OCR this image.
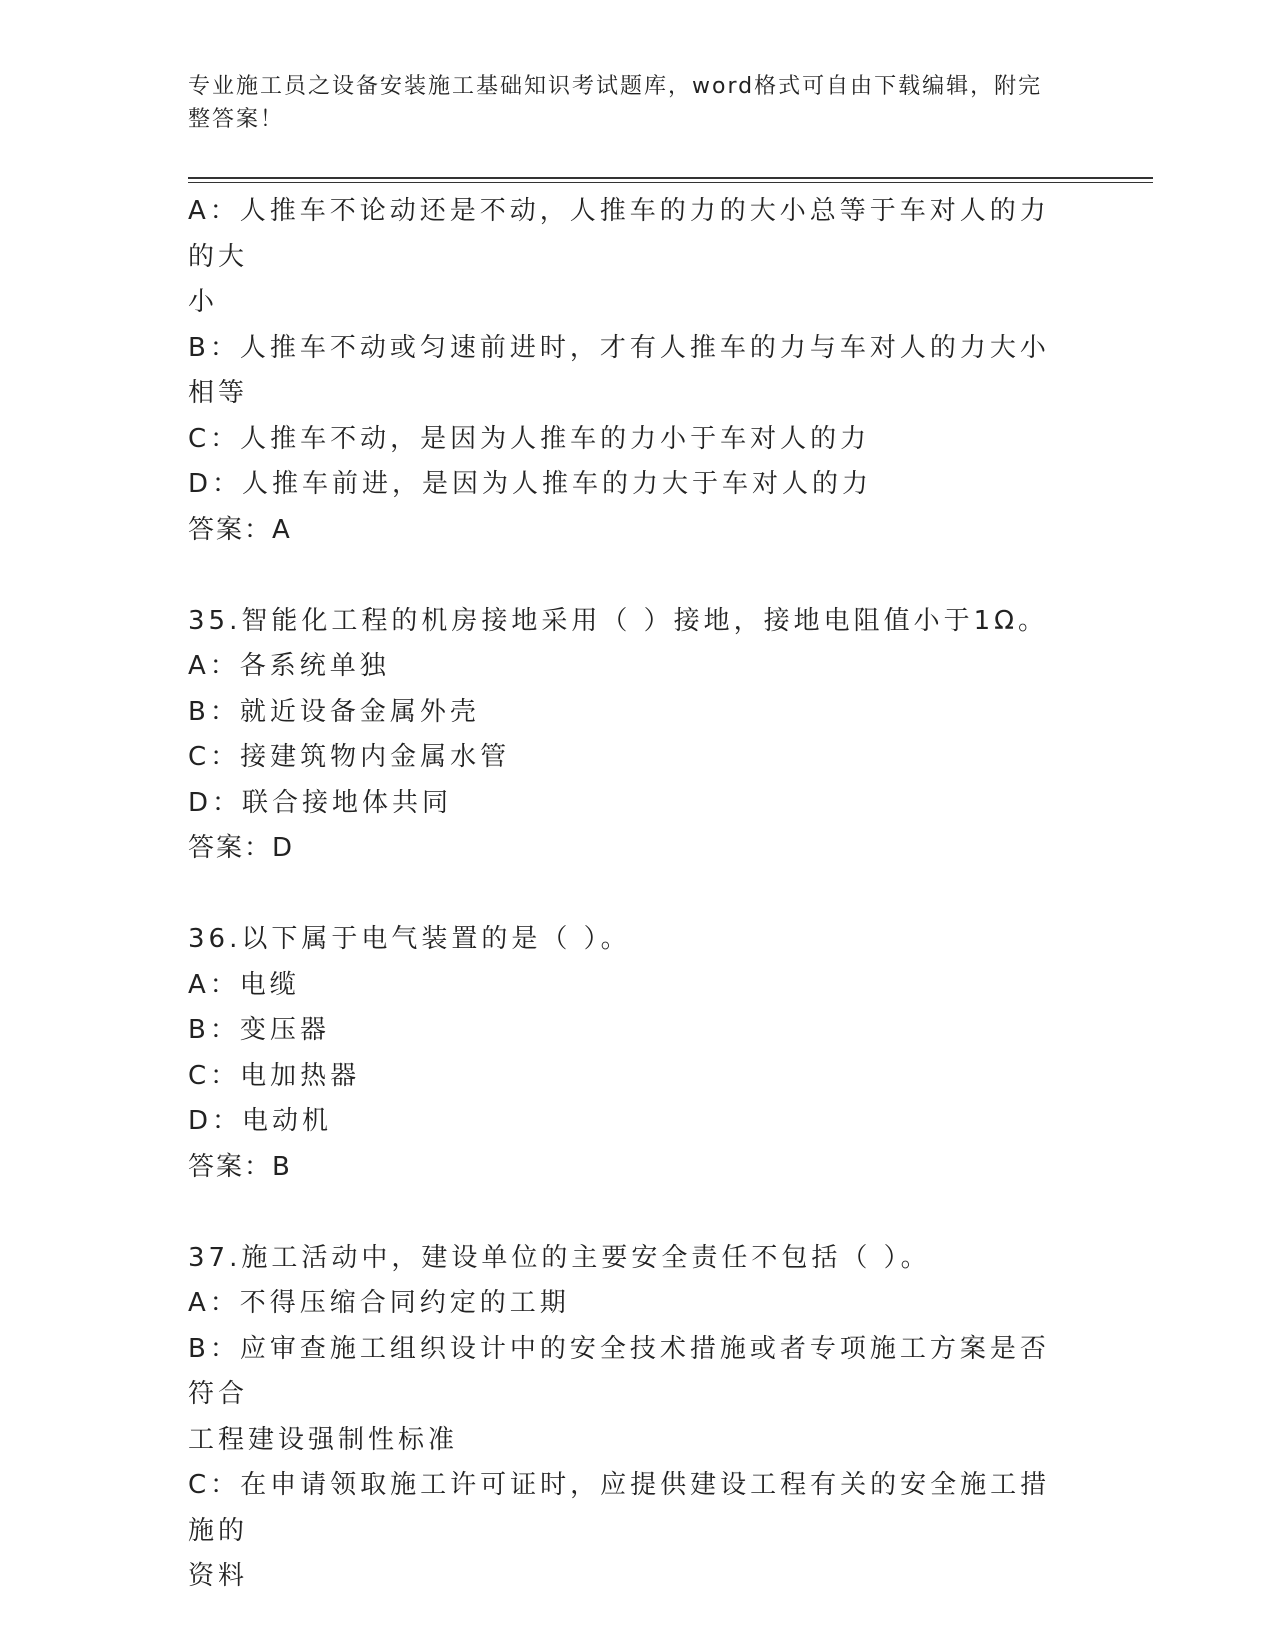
专业施工员之设备安装施工基础知识考试题库，word格式可自由下载编辑，附完
整答案！
A：人推车不论动还是不动，人推车的力的大小总等于车对人的力的大
小
B：人推车不动或匀速前进时，才有人推车的力与车对人的力大小相等
C：人推车不动，是因为人推车的力小于车对人的力
D：人推车前进，是因为人推车的力大于车对人的力
答案：A
35.智能化工程的机房接地采用（ ）接地，接地电阻值小于1Ω。
A：各系统单独
B：就近设备金属外壳
C：接建筑物内金属水管
D：联合接地体共同
答案：D
36.以下属于电气装置的是（ ）。
A：电缆
B：变压器
C：电加热器
D：电动机
答案：B
37.施工活动中，建设单位的主要安全责任不包括（ ）。
A：不得压缩合同约定的工期
B：应审查施工组织设计中的安全技术措施或者专项施工方案是否符合
工程建设强制性标准
C：在申请领取施工许可证时，应提供建设工程有关的安全施工措施的
资料
